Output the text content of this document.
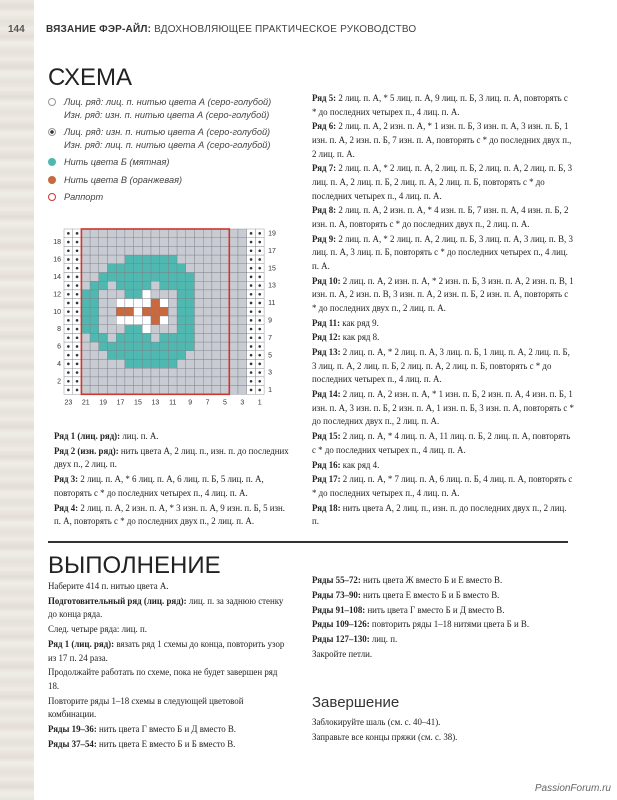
144	ВЯЗАНИЕ ФЭР-АЙЛ: ВДОХНОВЛЯЮЩЕЕ ПРАКТИЧЕСКОЕ РУКОВОДСТВО
СХЕМА
Лиц. ряд: лиц. п. нитью цвета А (серо-голубой)
Изн. ряд: изн. п. нитью цвета А (серо-голубой)
Лиц. ряд: изн. п. нитью цвета А (серо-голубой)
Изн. ряд: лиц. п. нитью цвета А (серо-голубой)
Нить цвета Б (мятная)
Нить цвета В (оранжевая)
Раппорт
18
16
14
12
10
8
6
4
2
19
17
15
13
11
9
7
5
3
1
23 21 19 17 15 13 11 9 7 5 3 1

Ряд 1 (лиц. ряд): лиц. п. А.

Ряд 2 (изн. ряд): нить цвета А, 2 лиц. п., изн. п. до последних двух п., 2 лиц. п.

Ряд 3: 2 лиц. п. А, * 6 лиц. п. А, 6 лиц. п. Б, 5 лиц. п. А, повторять с * до последних четырех п., 4 лиц. п. А.

Ряд 4: 2 лиц. п. А, 2 изн. п. А, * 3 изн. п. А, 9 изн. п. Б, 5 изн. п. А, повторять с * до последних двух п., 2 лиц. п. А.

Ряд 5: 2 лиц. п. А, * 5 лиц. п. А, 9 лиц. п. Б, 3 лиц. п. А, повторять с * до последних четырех п., 4 лиц. п. А.

Ряд 6: 2 лиц. п. А, 2 изн. п. А, * 1 изн. п. Б, 3 изн. п. А, 3 изн. п. Б, 1 изн. п. А, 2 изн. п. Б, 7 изн. п. А, повторять с * до последних двух п., 2 лиц. п. А.

Ряд 7: 2 лиц. п. А, * 2 лиц. п. А, 2 лиц. п. Б, 2 лиц. п. А, 2 лиц. п. Б, 3 лиц. п. А, 2 лиц. п. Б, 2 лиц. п. А, 2 лиц. п. Б, повторять с * до последних четырех п., 4 лиц. п. А.

Ряд 8: 2 лиц. п. А, 2 изн. п. А, * 4 изн. п. Б, 7 изн. п. А, 4 изн. п. Б, 2 изн. п. А, повторять с * до последних двух п., 2 лиц. п. А.

Ряд 9: 2 лиц. п. А, * 2 лиц. п. А, 2 лиц. п. Б, 3 лиц. п. А, 3 лиц. п. В, 3 лиц. п. А, 3 лиц. п. Б, повторять с * до последних четырех п., 4 лиц. п. А.

Ряд 10: 2 лиц. п. А, 2 изн. п. А, * 2 изн. п. Б, 3 изн. п. А, 2 изн. п. В, 1 изн. п. А, 2 изн. п. В, 3 изн. п. А, 2 изн. п. Б, 2 изн. п. А, повторять с * до последних двух п., 2 лиц. п. А.

Ряд 11: как ряд 9.

Ряд 12: как ряд 8.

Ряд 13: 2 лиц. п. А, * 2 лиц. п. А, 3 лиц. п. Б, 1 лиц. п. А, 2 лиц. п. Б, 3 лиц. п. А, 2 лиц. п. Б, 2 лиц. п. А, 2 лиц. п. Б, повторять с * до последних четырех п., 4 лиц. п. А.

Ряд 14: 2 лиц. п. А, 2 изн. п. А, * 1 изн. п. Б, 2 изн. п. А, 4 изн. п. Б, 1 изн. п. А, 3 изн. п. Б, 2 изн. п. А, 1 изн. п. Б, 3 изн. п. А, повторять с * до последних двух п., 2 лиц. п. А.

Ряд 15: 2 лиц. п. А, * 4 лиц. п. А, 11 лиц. п. Б, 2 лиц. п. А, повторять с * до последних четырех п., 4 лиц. п. А.

Ряд 16: как ряд 4.

Ряд 17: 2 лиц. п. А, * 7 лиц. п. А, 6 лиц. п. Б, 4 лиц. п. А, повторять с * до последних четырех п., 4 лиц. п. А.

Ряд 18: нить цвета А, 2 лиц. п., изн. п. до последних двух п., 2 лиц. п.

ВЫПОЛНЕНИЕ

Наберите 414 п. нитью цвета А.

Подготовительный ряд (лиц. ряд): лиц. п. за заднюю стенку до конца ряда.

След. четыре ряда: лиц. п.

Ряд 1 (лиц. ряд): вязать ряд 1 схемы до конца, повторить узор из 17 п. 24 раза.

Продолжайте работать по схеме, пока не будет завершен ряд 18.

Повторите ряды 1–18 схемы в следующей цветовой комбинации.

Ряды 19–36: нить цвета Г вместо Б и Д вместо В.

Ряды 37–54: нить цвета Е вместо Б и Б вместо В.

Ряды 55–72: нить цвета Ж вместо Б и Е вместо В.

Ряды 73–90: нить цвета Е вместо Б и Б вместо В.

Ряды 91–108: нить цвета Г вместо Б и Д вместо В.

Ряды 109–126: повторить ряды 1–18 нитями цвета Б и В.

Ряды 127–130: лиц. п.

Закройте петли.

Завершение

Заблокируйте шаль (см. с. 40–41).

Заправьте все концы пряжи (см. с. 38).

PassionForum.ru
